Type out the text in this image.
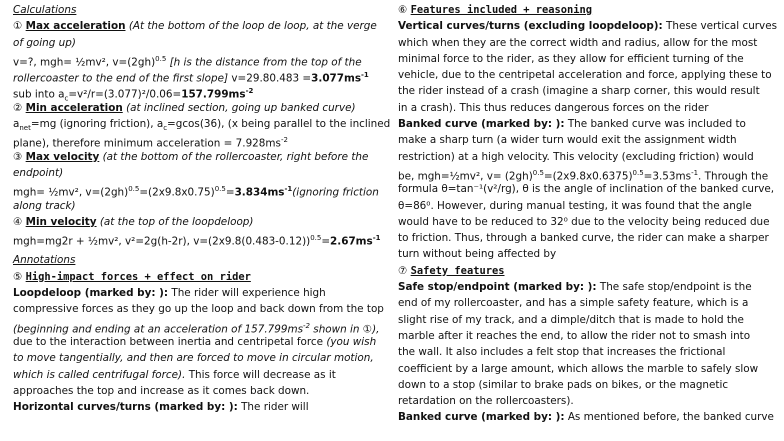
Calculations
① Max acceleration (At the bottom of the loop de loop, at the verge
of going up)
v=?, mgh= ½mv², $v=(2gh)^{0.5}$ [h is the distance from the top of the
rollercoaster to the end of the first slope] $v=29.80.483 =3.077ms^{-1}$
sub into $a_c=v^2/r=(3.077)^2/0.06=157.799ms^{-2}$
② Min acceleration (at inclined section, going up banked curve)
$a_{net}=mg$ (ignoring friction), $a_c=gcos(36)$, (x being parallel to the inclined
plane), therefore minimum acceleration = $7.928ms^{-2}$
③ Max velocity (at the bottom of the rollercoaster, right before the
endpoint)
mgh= ½mv², $v=(2gh)^{0.5}=(2x9.8x0.75)^{0.5}=3.834ms^{-1}(ignoring$ friction
along track)
④ Min velocity (at the top of the loopdeloop)
mgh=mg2r + ½mv², v²=2g(h-2r), $v=(2x9.8(0.483-0.12))^{0.5}=2.67ms^{-1}$
Annotations
⑤ High-impact forces + effect on rider
Loopdeloop (marked by: ): The rider will experience high
compressive forces as they go up the loop and back down from the top
(beginning and ending at an acceleration of $157.799ms^{-2}$ shown in ①),
due to the interaction between inertia and centripetal force (you wish
to move tangentially, and then are forced to move in circular motion,
which is called centrifugal force). This force will decrease as it
approaches the top and increase as it comes back down.
Horizontal curves/turns (marked by: ): The rider will
⑥ Features included + reasoning
Vertical curves/turns (excluding loopdeloop): These vertical curves
which when they are the correct width and radius, allow for the most
minimal force to the rider, as they allow for efficient turning of the
vehicle, due to the centripetal acceleration and force, applying these to
the rider instead of a crash (imagine a sharp corner, this would result
in a crash). This thus reduces dangerous forces on the rider
Banked curve (marked by: ): The banked curve was included to
make a sharp turn (a wider turn would exit the assignment width
restriction) at a high velocity. This velocity (excluding friction) would
be, mgh=½mv², $v= (2gh)^{0.5}=(2x9.8x0.6375)^{0.5}=3.53ms^{-1}$. Through the
formula θ=tan⁻¹(v²/rg), θ is the angle of inclination of the banked curve,
θ=86⁰. However, during manual testing, it was found that the angle
would have to be reduced to 32⁰ due to the velocity being reduced due
to friction. Thus, through a banked curve, the rider can make a sharper
turn without being affected by
⑦ Safety features
Safe stop/endpoint (marked by: ): The safe stop/endpoint is the
end of my rollercoaster, and has a simple safety feature, which is a
slight rise of my track, and a dimple/ditch that is made to hold the
marble after it reaches the end, to allow the rider not to smash into
the wall. It also includes a felt stop that increases the frictional
coefficient by a large amount, which allows the marble to safely slow
down to a stop (similar to brake pads on bikes, or the magnetic
retardation on the rollercoasters).
Banked curve (marked by: ): As mentioned before, the banked curve
